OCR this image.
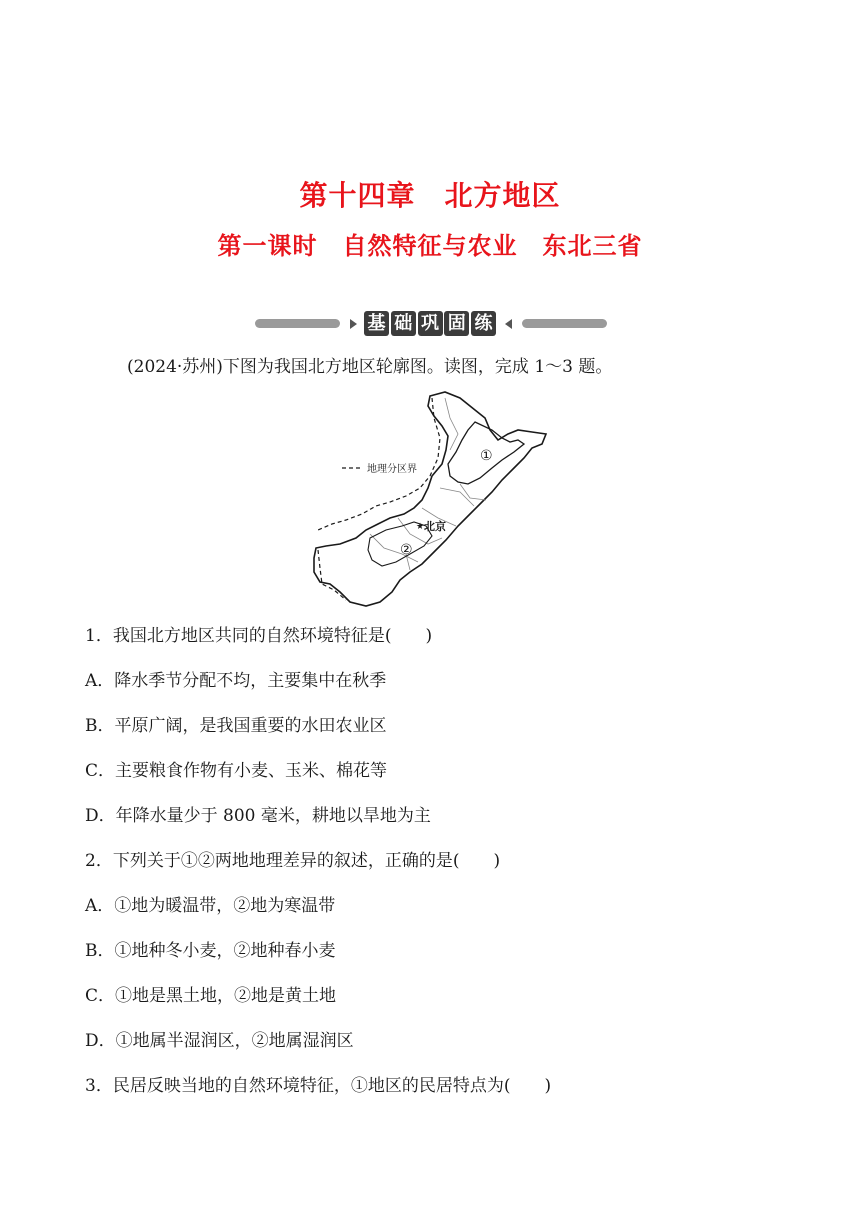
第十四章　北方地区
第一课时　自然特征与农业　东北三省
基 础 巩 固 练
(2024·苏州)下图为我国北方地区轮廓图。读图，完成 1～3 题。
地理分区界
★ 北京
①
②
1．我国北方地区共同的自然环境特征是(　　)
A．降水季节分配不均，主要集中在秋季
B．平原广阔，是我国重要的水田农业区
C．主要粮食作物有小麦、玉米、棉花等
D．年降水量少于 800 毫米，耕地以旱地为主
2．下列关于①②两地地理差异的叙述，正确的是(　　)
A．①地为暖温带，②地为寒温带
B．①地种冬小麦，②地种春小麦
C．①地是黑土地，②地是黄土地
D．①地属半湿润区，②地属湿润区
3．民居反映当地的自然环境特征，①地区的民居特点为(　　)
